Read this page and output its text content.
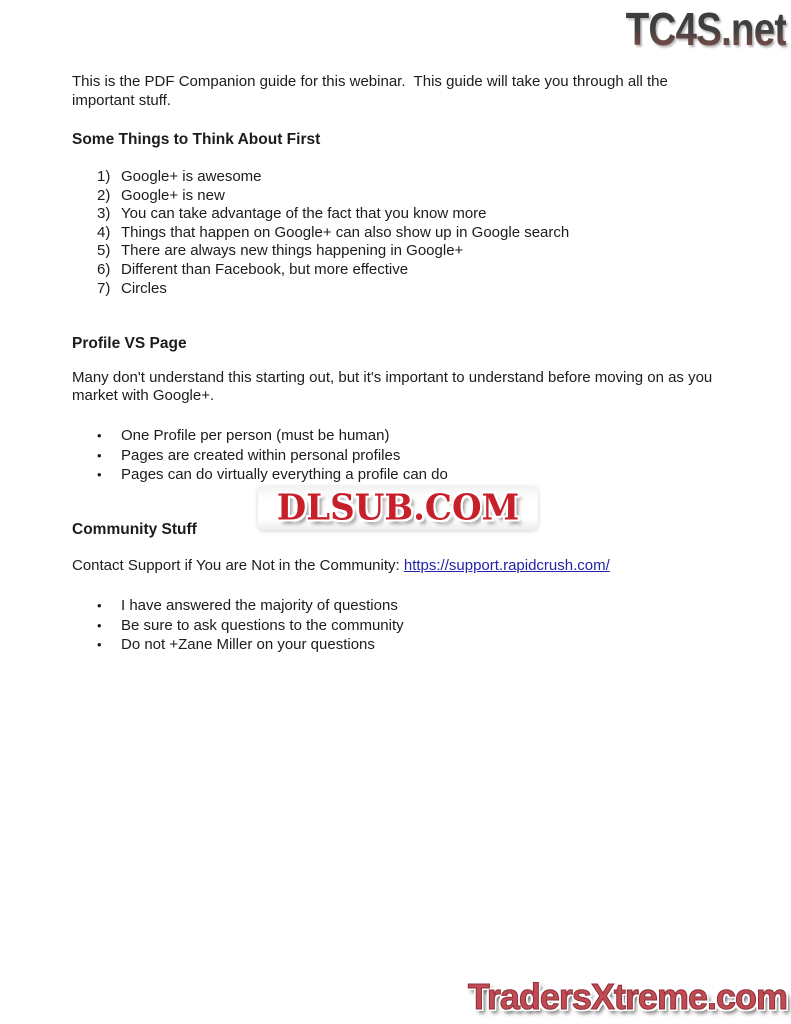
TC4S.net

This is the PDF Companion guide for this webinar.  This guide will take you through all the important stuff.

Some Things to Think About First
1) Google+ is awesome
2) Google+ is new
3) You can take advantage of the fact that you know more
4) Things that happen on Google+ can also show up in Google search
5) There are always new things happening in Google+
6) Different than Facebook, but more effective
7) Circles
Profile VS Page

Many don't understand this starting out, but it's important to understand before moving on as you market with Google+.

•
One Profile per person (must be human)
•
Pages are created within personal profiles
•
Pages can do virtually everything a profile can do
Community Stuff

Contact Support if You are Not in the Community: https://support.rapidcrush.com/

•
I have answered the majority of questions
•
Be sure to ask questions to the community
•
Do not +Zane Miller on your questions
DLSUB.COM
TradersXtreme.com
